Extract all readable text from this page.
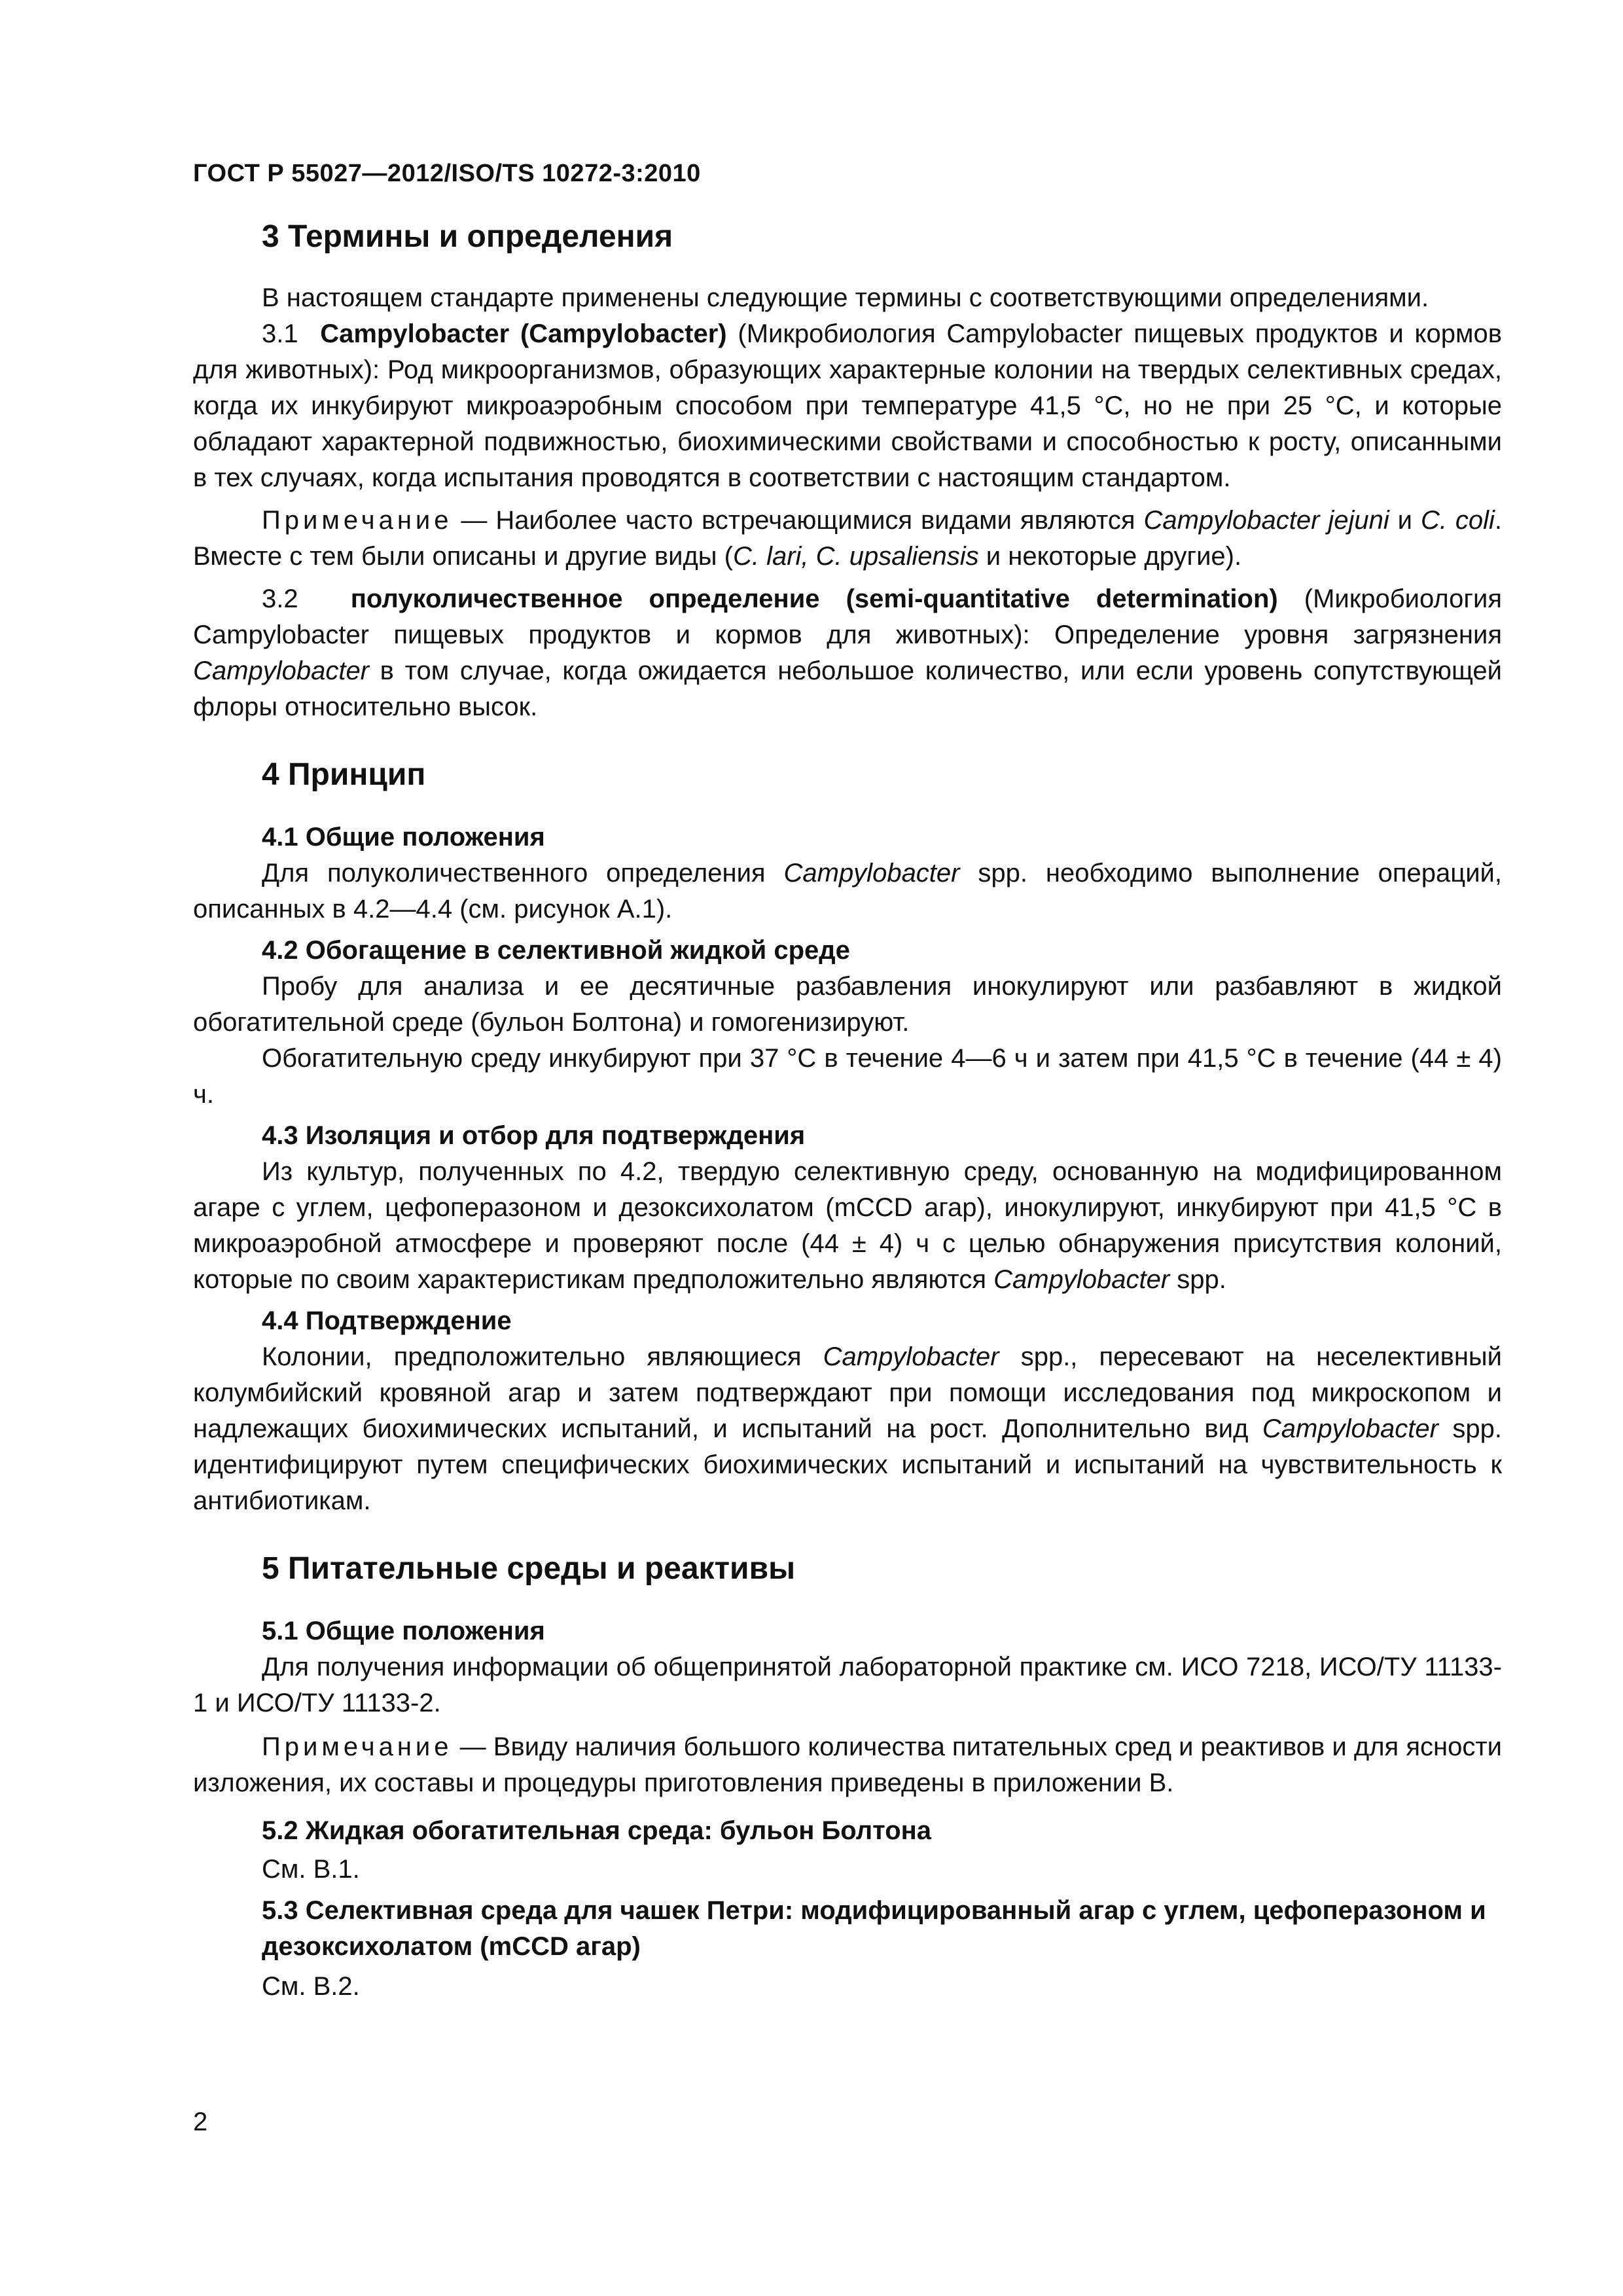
ГОСТ Р 55027—2012/ISO/TS 10272-3:2010
3 Термины и определения

В настоящем стандарте применены следующие термины с соответствующими определениями.

3.1 Campylobacter (Campylobacter) (Микробиология Campylobacter пищевых продуктов и кормов для животных): Род микроорганизмов, образующих характерные колонии на твердых селективных средах, когда их инкубируют микроаэробным способом при температуре 41,5 °C, но не при 25 °C, и которые обладают характерной подвижностью, биохимическими свойствами и способностью к росту, описанными в тех случаях, когда испытания проводятся в соответствии с настоящим стандартом.

Примечание — Наиболее часто встречающимися видами являются Campylobacter jejuni и C. coli. Вместе с тем были описаны и другие виды (C. lari, C. upsaliensis и некоторые другие).

3.2 полуколичественное определение (semi-quantitative determination) (Микробиология Campylobacter пищевых продуктов и кормов для животных): Определение уровня загрязнения Campylobacter в том случае, когда ожидается небольшое количество, или если уровень сопутствующей флоры относительно высок.

4 Принцип
4.1 Общие положения

Для полуколичественного определения Campylobacter spp. необходимо выполнение операций, описанных в 4.2—4.4 (см. рисунок А.1).

4.2 Обогащение в селективной жидкой среде

Пробу для анализа и ее десятичные разбавления инокулируют или разбавляют в жидкой обогатительной среде (бульон Болтона) и гомогенизируют.

Обогатительную среду инкубируют при 37 °C в течение 4—6 ч и затем при 41,5 °C в течение (44 ± 4) ч.

4.3 Изоляция и отбор для подтверждения

Из культур, полученных по 4.2, твердую селективную среду, основанную на модифицированном агаре с углем, цефоперазоном и дезоксихолатом (mCCD агар), инокулируют, инкубируют при 41,5 °C в микроаэробной атмосфере и проверяют после (44 ± 4) ч с целью обнаружения присутствия колоний, которые по своим характеристикам предположительно являются Campylobacter spp.

4.4 Подтверждение

Колонии, предположительно являющиеся Campylobacter spp., пересевают на неселективный колумбийский кровяной агар и затем подтверждают при помощи исследования под микроскопом и надлежащих биохимических испытаний, и испытаний на рост. Дополнительно вид Campylobacter spp. идентифицируют путем специфических биохимических испытаний и испытаний на чувствительность к антибиотикам.

5 Питательные среды и реактивы
5.1 Общие положения

Для получения информации об общепринятой лабораторной практике см. ИСО 7218, ИСО/ТУ 11133-1 и ИСО/ТУ 11133-2.

Примечание — Ввиду наличия большого количества питательных сред и реактивов и для ясности изложения, их составы и процедуры приготовления приведены в приложении В.

5.2 Жидкая обогатительная среда: бульон Болтона

См. В.1.

5.3 Селективная среда для чашек Петри: модифицированный агар с углем, цефоперазоном и дезоксихолатом (mCCD агар)

См. В.2.

2
